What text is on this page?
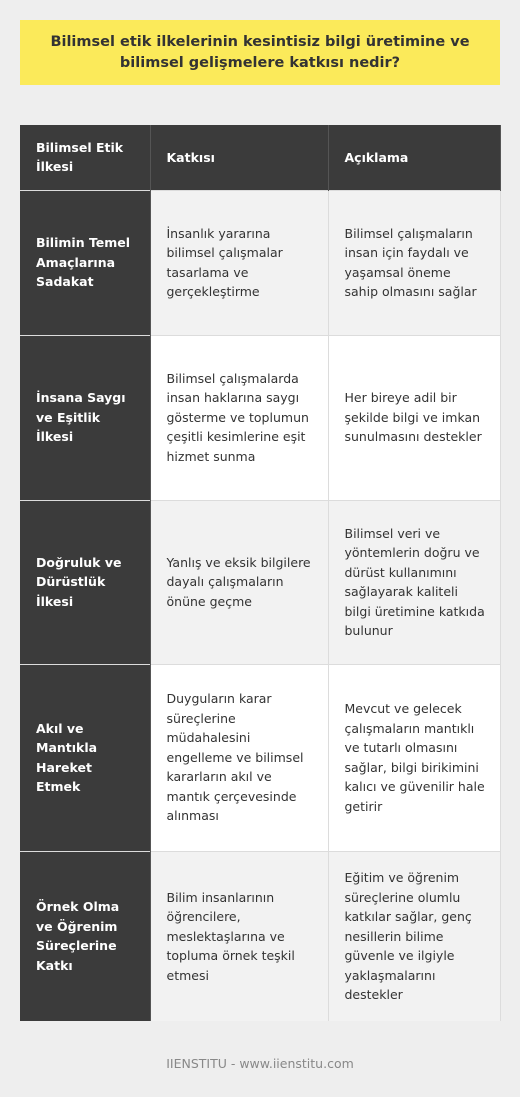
Bilimsel etik ilkelerinin kesintisiz bilgi üretimine ve bilimsel gelişmelere katkısı nedir?
Bilimsel Etik İlkesi	Katkısı	Açıklama
Bilimin Temel Amaçlarına Sadakat	İnsanlık yararına bilimsel çalışmalar tasarlama ve gerçekleştirme	Bilimsel çalışmaların insan için faydalı ve yaşamsal öneme sahip olmasını sağlar
İnsana Saygı ve Eşitlik İlkesi	Bilimsel çalışmalarda insan haklarına saygı gösterme ve toplumun çeşitli kesimlerine eşit hizmet sunma	Her bireye adil bir şekilde bilgi ve imkan sunulmasını destekler
Doğruluk ve Dürüstlük İlkesi	Yanlış ve eksik bilgilere dayalı çalışmaların önüne geçme	Bilimsel veri ve yöntemlerin doğru ve dürüst kullanımını sağlayarak kaliteli bilgi üretimine katkıda bulunur
Akıl ve Mantıkla Hareket Etmek	Duyguların karar süreçlerine müdahalesini engelleme ve bilimsel kararların akıl ve mantık çerçevesinde alınması	Mevcut ve gelecek çalışmaların mantıklı ve tutarlı olmasını sağlar, bilgi birikimini kalıcı ve güvenilir hale getirir
Örnek Olma ve Öğrenim Süreçlerine Katkı	Bilim insanlarının öğrencilere, meslektaşlarına ve topluma örnek teşkil etmesi	Eğitim ve öğrenim süreçlerine olumlu katkılar sağlar, genç nesillerin bilime güvenle ve ilgiyle yaklaşmalarını destekler
IIENSTITU - www.iienstitu.com
